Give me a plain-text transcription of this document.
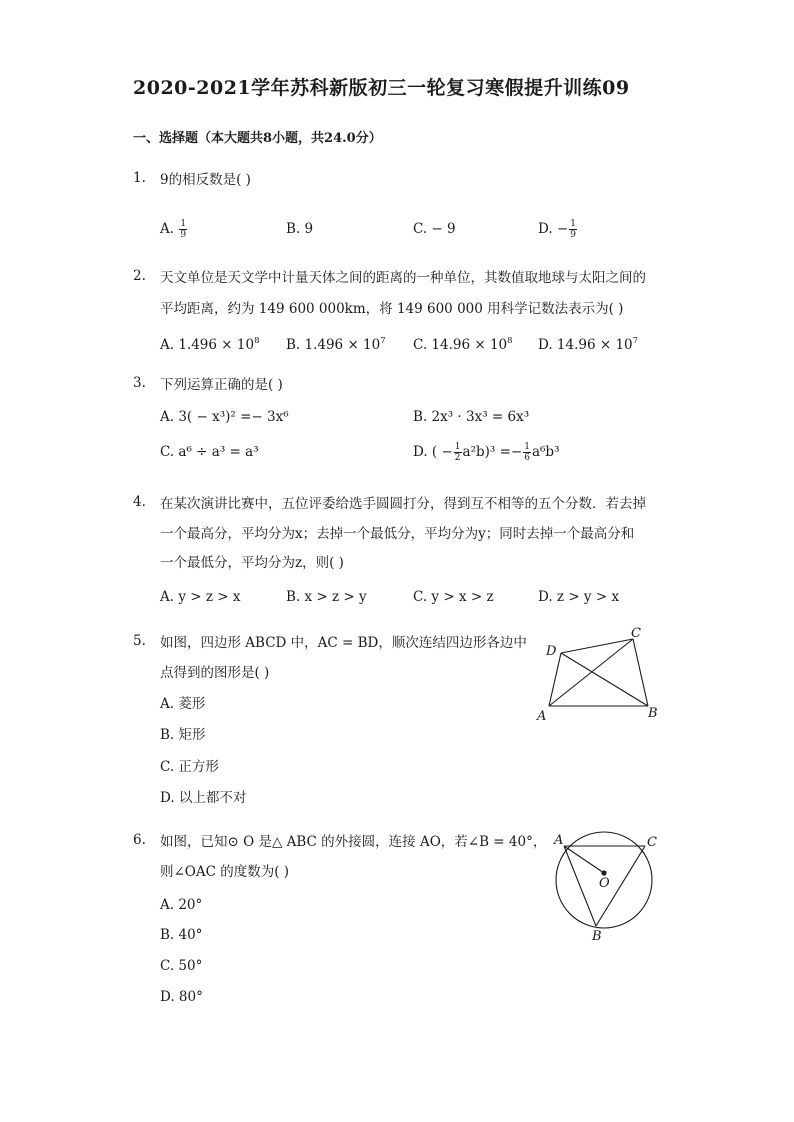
2020-2021学年苏科新版初三一轮复习寒假提升训练09
一、选择题（本大题共8小题，共24.0分）
1.	9的相反数是( )
A. $\frac{1}{9}$	B. 9	C. − 9	D. − $\frac{1}{9}$
2.	天文单位是天文学中计量天体之间的距离的一种单位，其数值取地球与太阳之间的
平均距离，约为 149 600 000km，将 149 600 000 用科学记数法表示为( )
A. $1.496 \times 10^8$ B. $1.496 \times 10^7$ C. $14.96 \times 10^8$ D. $14.96 \times 10^7$
3.	下列运算正确的是( )
A. 3( − x³)² =− 3x⁶	B. 2x³ · 3x³ = 6x³
C. a⁶ ÷ a³ = a³	D. ( − $\frac{1}{2} a^2b)^3 =- \frac{1}{6} a^6b^3$
4.	在某次演讲比赛中，五位评委给选手圆圆打分，得到互不相等的五个分数．若去掉
一个最高分，平均分为x；去掉一个最低分，平均分为y；同时去掉一个最高分和
一个最低分，平均分为z，则( )
A. y > z > x	B. x > z > y	C. y > x > z	D. z > y > x
5.	如图，四边形 ABCD 中，AC = BD，顺次连结四边形各边中
点得到的图形是( )
A. 菱形
B. 矩形
C. 正方形
D. 以上都不对
A	B
C
D
6.	如图，已知⊙ O 是△ ABC 的外接圆，连接 AO，若∠B = 40°，
则∠OAC 的度数为( )
A. 20°
B. 40°
C. 50°
D. 80°
A	C
B
O
